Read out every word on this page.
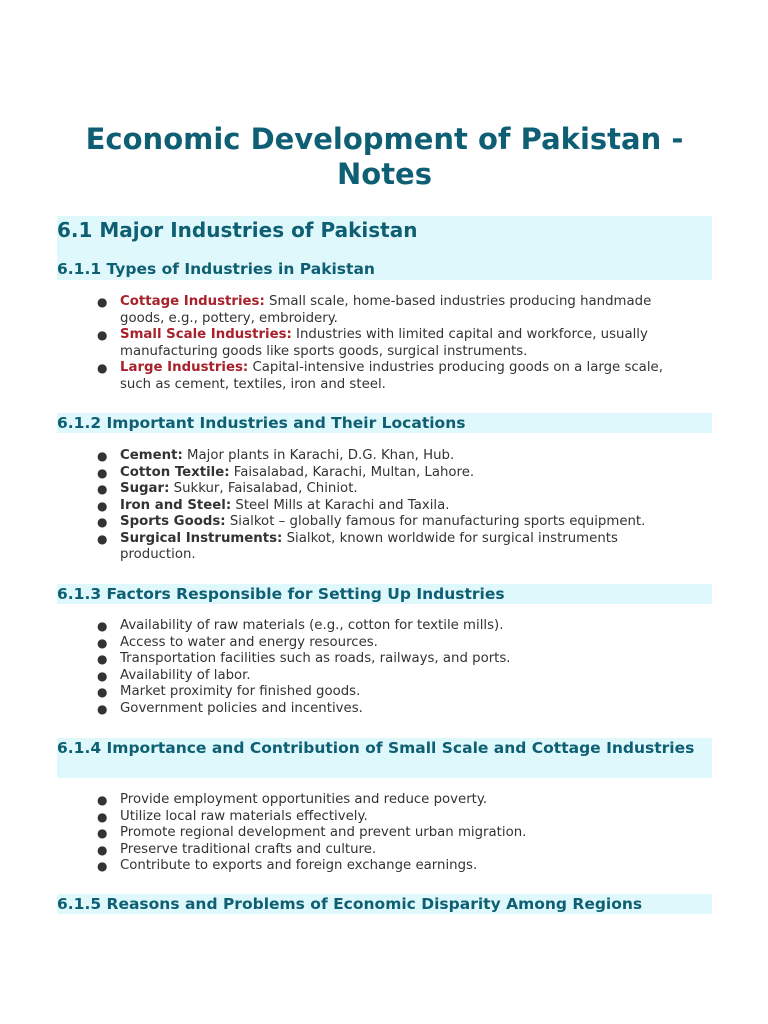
Economic Development of Pakistan - Notes
6.1 Major Industries of Pakistan
6.1.1 Types of Industries in Pakistan
● Cottage Industries: Small scale, home-based industries producing handmade goods, e.g., pottery, embroidery.
● Small Scale Industries: Industries with limited capital and workforce, usually manufacturing goods like sports goods, surgical instruments.
● Large Industries: Capital-intensive industries producing goods on a large scale, such as cement, textiles, iron and steel.
6.1.2 Important Industries and Their Locations
● Cement: Major plants in Karachi, D.G. Khan, Hub.
● Cotton Textile: Faisalabad, Karachi, Multan, Lahore.
● Sugar: Sukkur, Faisalabad, Chiniot.
● Iron and Steel: Steel Mills at Karachi and Taxila.
● Sports Goods: Sialkot – globally famous for manufacturing sports equipment.
● Surgical Instruments: Sialkot, known worldwide for surgical instruments production.
6.1.3 Factors Responsible for Setting Up Industries
● Availability of raw materials (e.g., cotton for textile mills).
● Access to water and energy resources.
● Transportation facilities such as roads, railways, and ports.
● Availability of labor.
● Market proximity for finished goods.
● Government policies and incentives.
6.1.4 Importance and Contribution of Small Scale and Cottage Industries
● Provide employment opportunities and reduce poverty.
● Utilize local raw materials effectively.
● Promote regional development and prevent urban migration.
● Preserve traditional crafts and culture.
● Contribute to exports and foreign exchange earnings.
6.1.5 Reasons and Problems of Economic Disparity Among Regions
